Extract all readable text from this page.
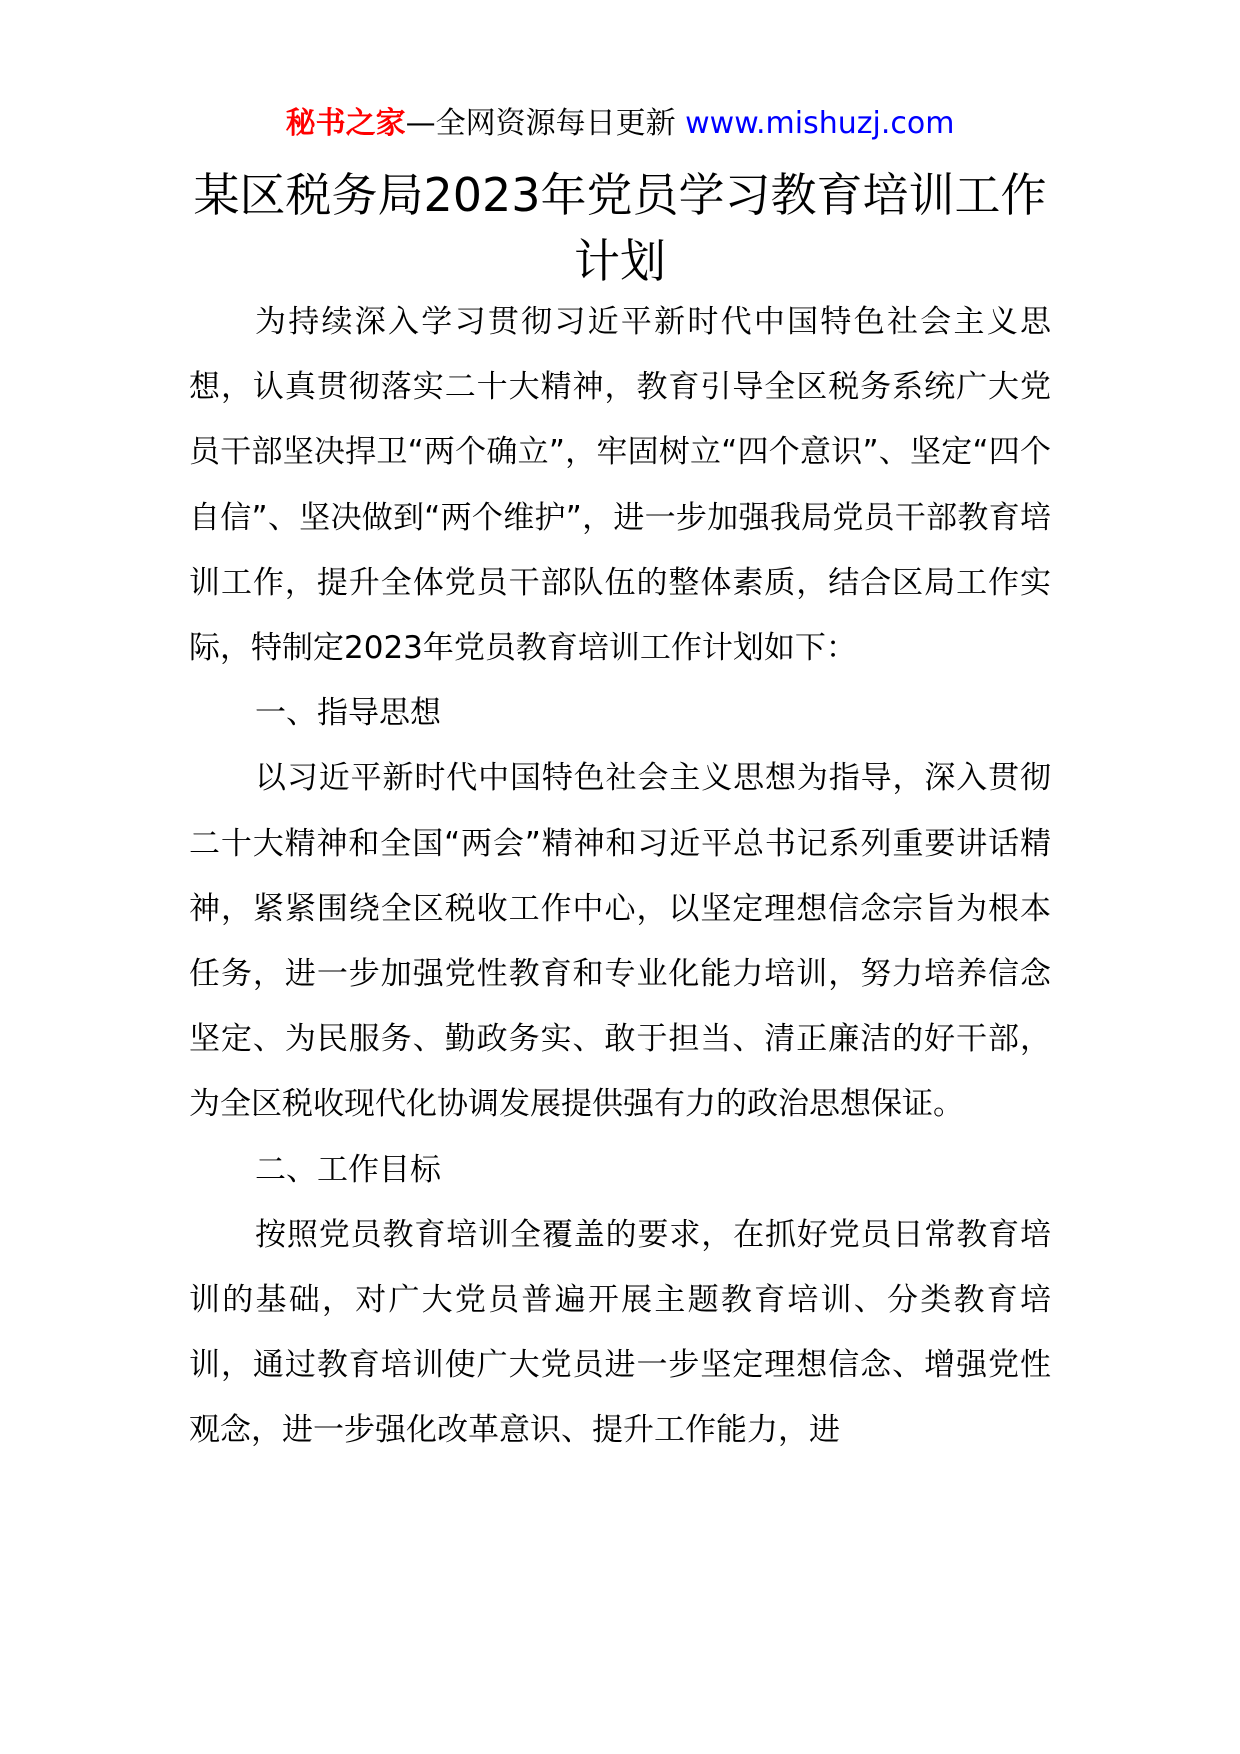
秘书之家—全网资源每日更新 www.mishuzj.com
某区税务局2023年党员学习教育培训工作计划

为持续深入学习贯彻习近平新时代中国特色社会主义思想，认真贯彻落实二十大精神，教育引导全区税务系统广大党员干部坚决捍卫“两个确立”，牢固树立“四个意识”、坚定“四个自信”、坚决做到“两个维护”，进一步加强我局党员干部教育培训工作，提升全体党员干部队伍的整体素质，结合区局工作实际，特制定2023年党员教育培训工作计划如下：

一、指导思想

以习近平新时代中国特色社会主义思想为指导，深入贯彻二十大精神和全国“两会”精神和习近平总书记系列重要讲话精神，紧紧围绕全区税收工作中心，以坚定理想信念宗旨为根本任务，进一步加强党性教育和专业化能力培训，努力培养信念坚定、为民服务、勤政务实、敢于担当、清正廉洁的好干部，为全区税收现代化协调发展提供强有力的政治思想保证。

二、工作目标

按照党员教育培训全覆盖的要求，在抓好党员日常教育培训的基础，对广大党员普遍开展主题教育培训、分类教育培训，通过教育培训使广大党员进一步坚定理想信念、增强党性观念，进一步强化改革意识、提升工作能力，进
